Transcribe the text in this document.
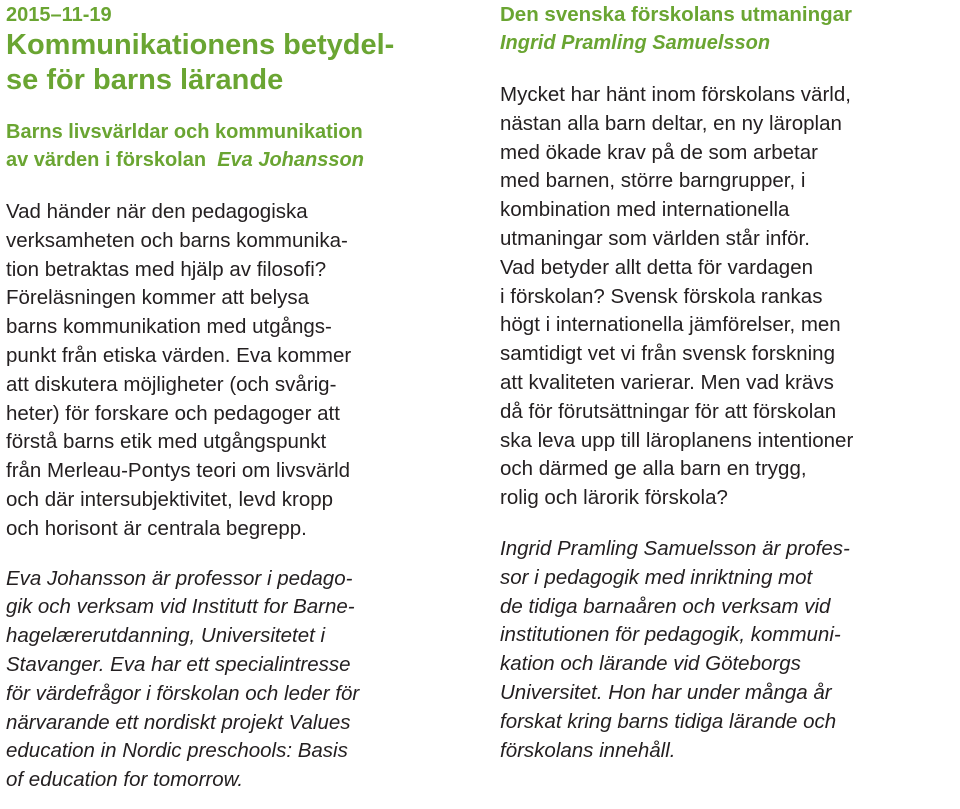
2015–11-19
Kommunikationens betydel-
se för barns lärande
Barns livsvärldar och kommunikation
av värden i förskolan Eva Johansson
Vad händer när den pedagogiska
verksamheten och barns kommunika-
tion betraktas med hjälp av filosofi?
Föreläsningen kommer att belysa
barns kommunikation med utgångs-
punkt från etiska värden. Eva kommer
att diskutera möjligheter (och svårig-
heter) för forskare och pedagoger att
förstå barns etik med utgångspunkt
från Merleau-Pontys teori om livsvärld
och där intersubjektivitet, levd kropp
och horisont är centrala begrepp.
Eva Johansson är professor i pedago-
gik och verksam vid Institutt for Barne-
hagelærerutdanning, Universitetet i
Stavanger. Eva har ett specialintresse
för värdefrågor i förskolan och leder för
närvarande ett nordiskt projekt Values
education in Nordic preschools: Basis
of education for tomorrow.
Den svenska förskolans utmaningar
Ingrid Pramling Samuelsson
Mycket har hänt inom förskolans värld,
nästan alla barn deltar, en ny läroplan
med ökade krav på de som arbetar
med barnen, större barngrupper, i
kombination med internationella
utmaningar som världen står inför.
Vad betyder allt detta för vardagen
i förskolan? Svensk förskola rankas
högt i internationella jämförelser, men
samtidigt vet vi från svensk forskning
att kvaliteten varierar. Men vad krävs
då för förutsättningar för att förskolan
ska leva upp till läroplanens intentioner
och därmed ge alla barn en trygg,
rolig och lärorik förskola?
Ingrid Pramling Samuelsson är profes-
sor i pedagogik med inriktning mot
de tidiga barnaåren och verksam vid
institutionen för pedagogik, kommuni-
kation och lärande vid Göteborgs
Universitet. Hon har under många år
forskat kring barns tidiga lärande och
förskolans innehåll.
